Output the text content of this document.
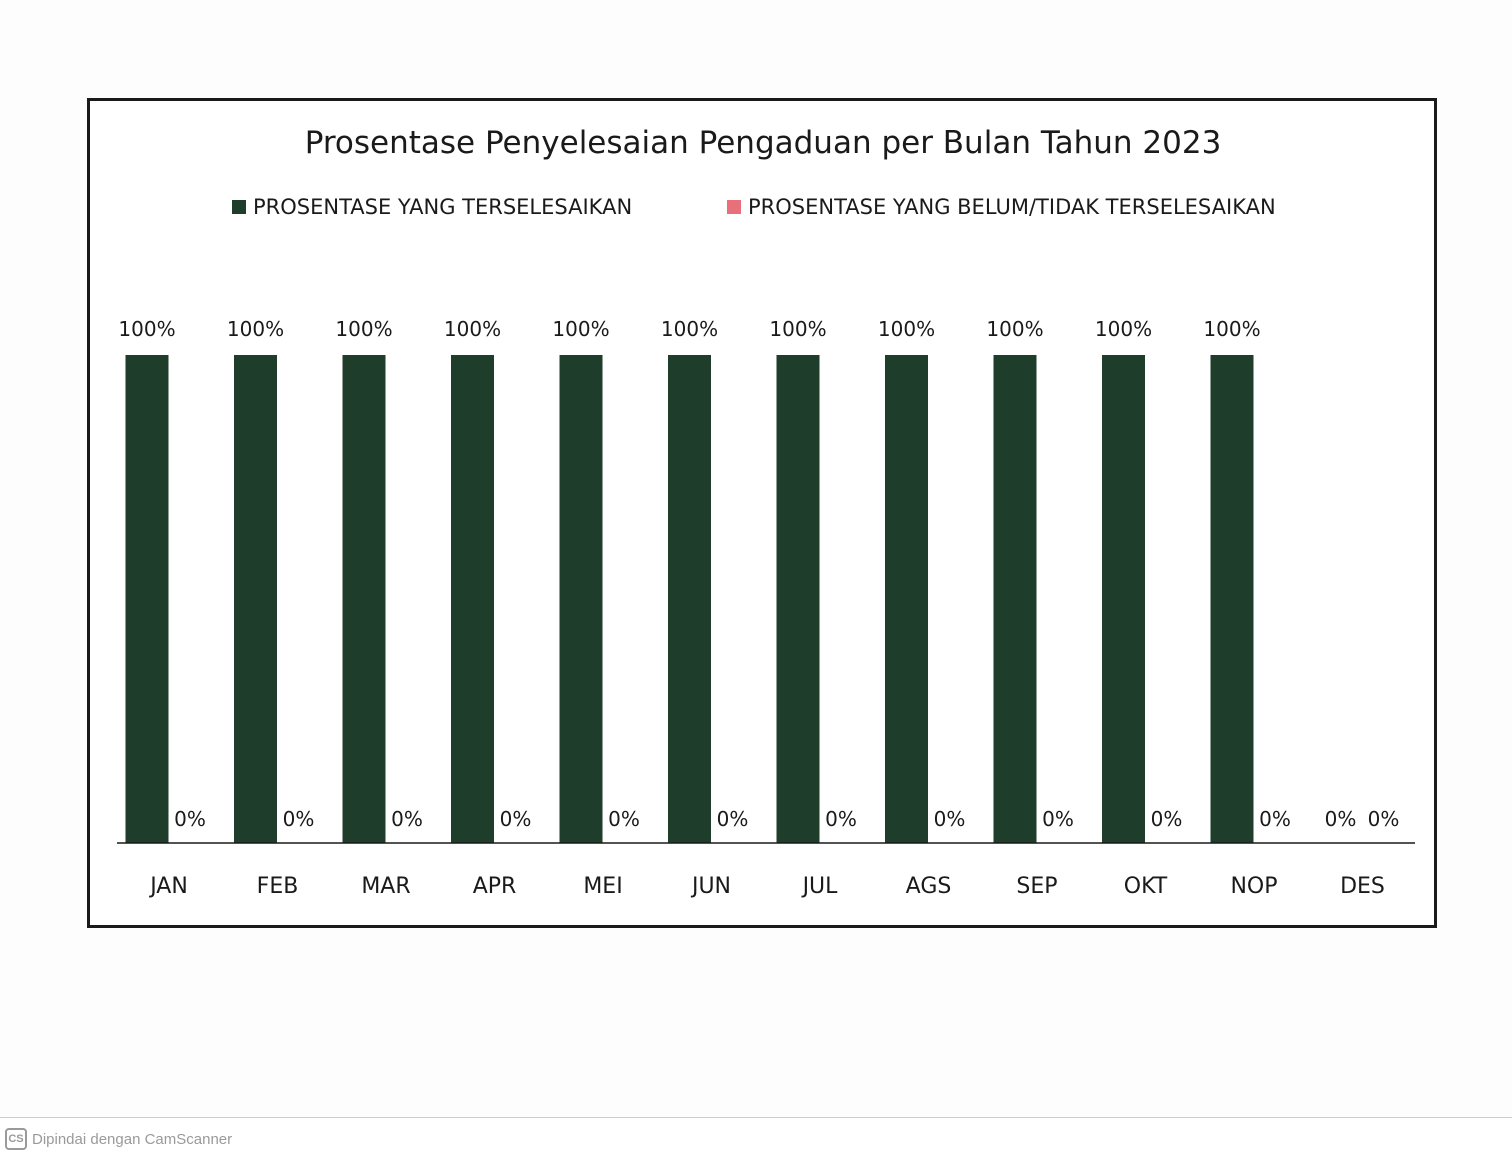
Prosentase Penyelesaian Pengaduan per Bulan Tahun 2023
PROSENTASE YANG TERSELESAIKAN	PROSENTASE YANG BELUM/TIDAK TERSELESAIKAN
100%
0%
JAN
100%
0%
FEB
100%
0%
MAR
100%
0%
APR
100%
0%
MEI
100%
0%
JUN
100%
0%
JUL
100%
0%
AGS
100%
0%
SEP
100%
0%
OKT
100%
0%
NOP
0% 0%
DES
CS Dipindai dengan CamScanner
